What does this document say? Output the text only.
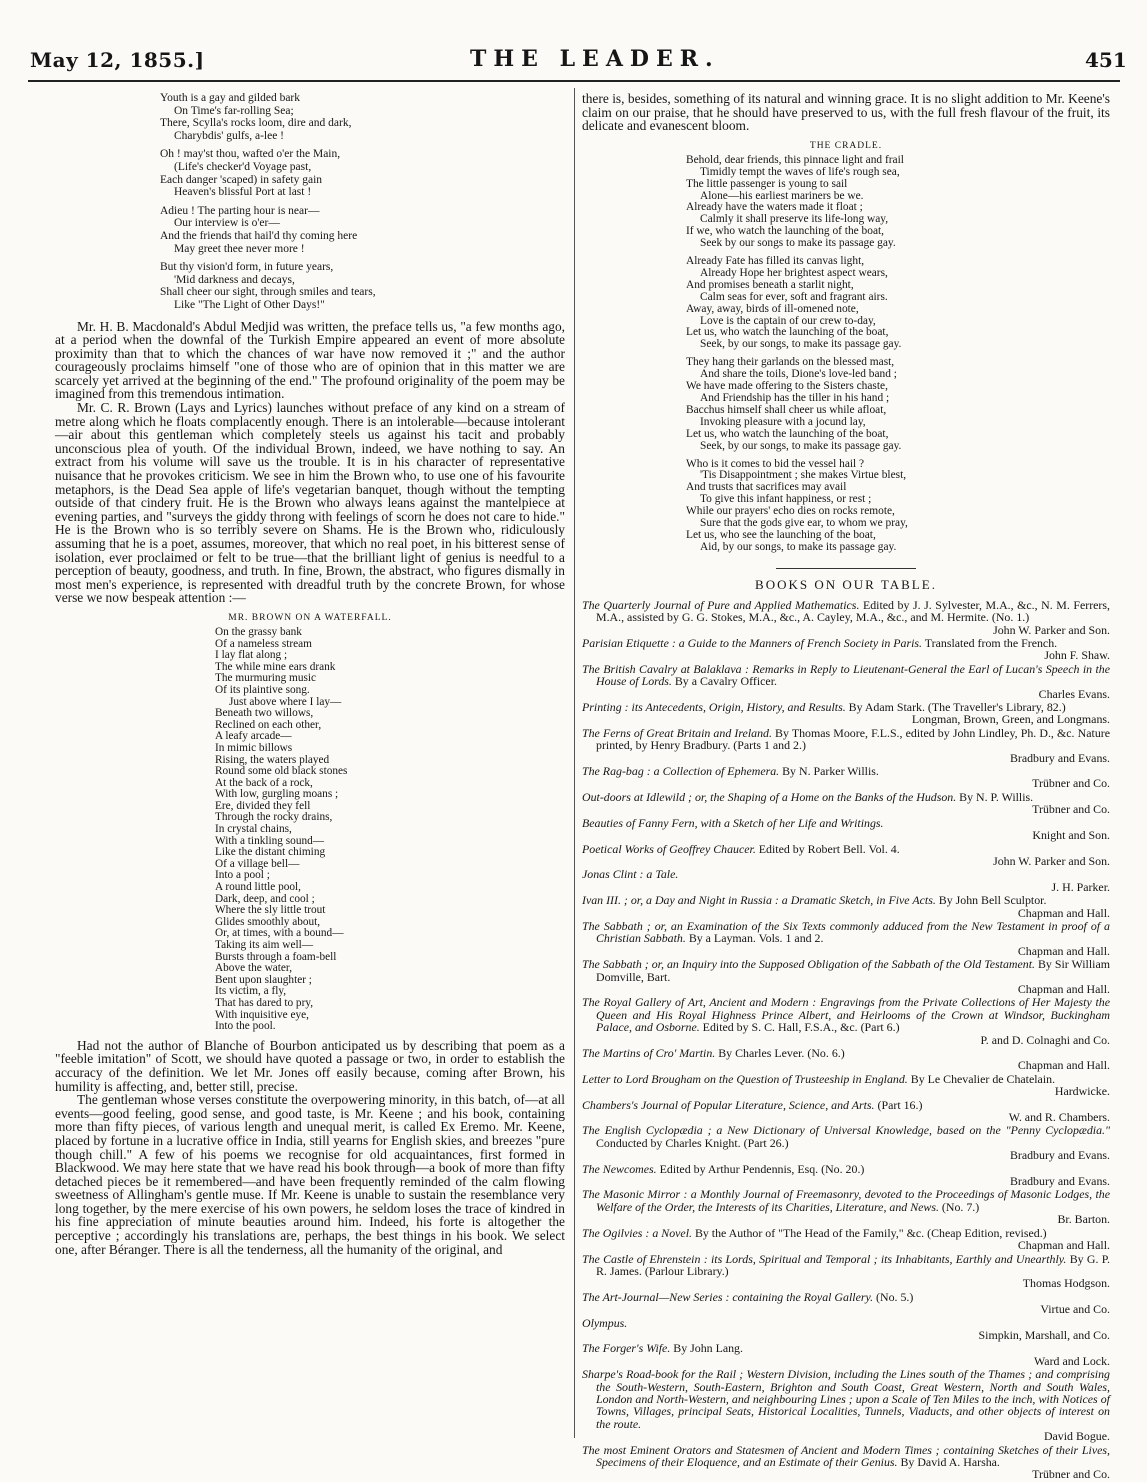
May 12, 1855.]	THE LEADER.	451
Youth is a gay and gilded bark
On Time's far-rolling Sea;
There, Scylla's rocks loom, dire and dark,
Charybdis' gulfs, a-lee !
Oh ! may'st thou, wafted o'er the Main,
(Life's checker'd Voyage past,
Each danger 'scaped) in safety gain
Heaven's blissful Port at last !
Adieu ! The parting hour is near—
Our interview is o'er—
And the friends that hail'd thy coming here
May greet thee never more !
But thy vision'd form, in future years,
'Mid darkness and decays,
Shall cheer our sight, through smiles and tears,
Like "The Light of Other Days!"

Mr. H. B. Macdonald's Abdul Medjid was written, the preface tells us, "a few months ago, at a period when the downfal of the Turkish Empire appeared an event of more absolute proximity than that to which the chances of war have now removed it ;" and the author courageously proclaims himself "one of those who are of opinion that in this matter we are scarcely yet arrived at the beginning of the end." The profound originality of the poem may be imagined from this tremendous intimation.

Mr. C. R. Brown (Lays and Lyrics) launches without preface of any kind on a stream of metre along which he floats complacently enough. There is an intolerable—because intolerant—air about this gentleman which completely steels us against his tacit and probably unconscious plea of youth. Of the individual Brown, indeed, we have nothing to say. An extract from his volume will save us the trouble. It is in his character of representative nuisance that he provokes criticism. We see in him the Brown who, to use one of his favourite metaphors, is the Dead Sea apple of life's vegetarian banquet, though without the tempting outside of that cindery fruit. He is the Brown who always leans against the mantelpiece at evening parties, and "surveys the giddy throng with feelings of scorn he does not care to hide." He is the Brown who is so terribly severe on Shams. He is the Brown who, ridiculously assuming that he is a poet, assumes, moreover, that which no real poet, in his bitterest sense of isolation, ever proclaimed or felt to be true—that the brilliant light of genius is needful to a perception of beauty, goodness, and truth. In fine, Brown, the abstract, who figures dismally in most men's experience, is represented with dreadful truth by the concrete Brown, for whose verse we now bespeak attention :—

MR. BROWN ON A WATERFALL.
On the grassy bank
Of a nameless stream
I lay flat along ;
The while mine ears drank
The murmuring music
Of its plaintive song.
Just above where I lay—
Beneath two willows,
Reclined on each other,
A leafy arcade—
In mimic billows
Rising, the waters played
Round some old black stones
At the back of a rock,
With low, gurgling moans ;
Ere, divided they fell
Through the rocky drains,
In crystal chains,
With a tinkling sound—
Like the distant chiming
Of a village bell—
Into a pool ;
A round little pool,
Dark, deep, and cool ;
Where the sly little trout
Glides smoothly about,
Or, at times, with a bound—
Taking its aim well—
Bursts through a foam-bell
Above the water,
Bent upon slaughter ;
Its victim, a fly,
That has dared to pry,
With inquisitive eye,
Into the pool.

Had not the author of Blanche of Bourbon anticipated us by describing that poem as a "feeble imitation" of Scott, we should have quoted a passage or two, in order to establish the accuracy of the definition. We let Mr. Jones off easily because, coming after Brown, his humility is affecting, and, better still, precise.

The gentleman whose verses constitute the overpowering minority, in this batch, of—at all events—good feeling, good sense, and good taste, is Mr. Keene ; and his book, containing more than fifty pieces, of various length and unequal merit, is called Ex Eremo. Mr. Keene, placed by fortune in a lucrative office in India, still yearns for English skies, and breezes "pure though chill." A few of his poems we recognise for old acquaintances, first formed in Blackwood. We may here state that we have read his book through—a book of more than fifty detached pieces be it remembered—and have been frequently reminded of the calm flowing sweetness of Allingham's gentle muse. If Mr. Keene is unable to sustain the resemblance very long together, by the mere exercise of his own powers, he seldom loses the trace of kindred in his fine appreciation of minute beauties around him. Indeed, his forte is altogether the perceptive ; accordingly his translations are, perhaps, the best things in his book. We select one, after Béranger. There is all the tenderness, all the humanity of the original, and

there is, besides, something of its natural and winning grace. It is no slight addition to Mr. Keene's claim on our praise, that he should have preserved to us, with the full fresh flavour of the fruit, its delicate and evanescent bloom.

THE CRADLE.
Behold, dear friends, this pinnace light and frail
Timidly tempt the waves of life's rough sea,
The little passenger is young to sail
Alone—his earliest mariners be we.
Already have the waters made it float ;
Calmly it shall preserve its life-long way,
If we, who watch the launching of the boat,
Seek by our songs to make its passage gay.
Already Fate has filled its canvas light,
Already Hope her brightest aspect wears,
And promises beneath a starlit night,
Calm seas for ever, soft and fragrant airs.
Away, away, birds of ill-omened note,
Love is the captain of our crew to-day,
Let us, who watch the launching of the boat,
Seek, by our songs, to make its passage gay.
They hang their garlands on the blessed mast,
And share the toils, Dione's love-led band ;
We have made offering to the Sisters chaste,
And Friendship has the tiller in his hand ;
Bacchus himself shall cheer us while afloat,
Invoking pleasure with a jocund lay,
Let us, who watch the launching of the boat,
Seek, by our songs, to make its passage gay.
Who is it comes to bid the vessel hail ?
'Tis Disappointment ; she makes Virtue blest,
And trusts that sacrifices may avail
To give this infant happiness, or rest ;
While our prayers' echo dies on rocks remote,
Sure that the gods give ear, to whom we pray,
Let us, who see the launching of the boat,
Aid, by our songs, to make its passage gay.
BOOKS ON OUR TABLE.
The Quarterly Journal of Pure and Applied Mathematics. Edited by J. J. Sylvester, M.A., &c., N. M. Ferrers, M.A., assisted by G. G. Stokes, M.A., &c., A. Cayley, M.A., &c., and M. Hermite. (No. 1.)
John W. Parker and Son.
Parisian Etiquette : a Guide to the Manners of French Society in Paris. Translated from the French.
John F. Shaw.
The British Cavalry at Balaklava : Remarks in Reply to Lieutenant-General the Earl of Lucan's Speech in the House of Lords. By a Cavalry Officer.
Charles Evans.
Printing : its Antecedents, Origin, History, and Results. By Adam Stark. (The Traveller's Library, 82.)
Longman, Brown, Green, and Longmans.
The Ferns of Great Britain and Ireland. By Thomas Moore, F.L.S., edited by John Lindley, Ph. D., &c. Nature printed, by Henry Bradbury. (Parts 1 and 2.)
Bradbury and Evans.
The Rag-bag : a Collection of Ephemera. By N. Parker Willis.
Trübner and Co.
Out-doors at Idlewild ; or, the Shaping of a Home on the Banks of the Hudson. By N. P. Willis.
Trübner and Co.
Beauties of Fanny Fern, with a Sketch of her Life and Writings.
Knight and Son.
Poetical Works of Geoffrey Chaucer. Edited by Robert Bell. Vol. 4.
John W. Parker and Son.
Jonas Clint : a Tale.
J. H. Parker.
Ivan III. ; or, a Day and Night in Russia : a Dramatic Sketch, in Five Acts. By John Bell Sculptor.
Chapman and Hall.
The Sabbath ; or, an Examination of the Six Texts commonly adduced from the New Testament in proof of a Christian Sabbath. By a Layman. Vols. 1 and 2.
Chapman and Hall.
The Sabbath ; or, an Inquiry into the Supposed Obligation of the Sabbath of the Old Testament. By Sir William Domville, Bart.
Chapman and Hall.
The Royal Gallery of Art, Ancient and Modern : Engravings from the Private Collections of Her Majesty the Queen and His Royal Highness Prince Albert, and Heirlooms of the Crown at Windsor, Buckingham Palace, and Osborne. Edited by S. C. Hall, F.S.A., &c. (Part 6.)
P. and D. Colnaghi and Co.
The Martins of Cro' Martin. By Charles Lever. (No. 6.)
Chapman and Hall.
Letter to Lord Brougham on the Question of Trusteeship in England. By Le Chevalier de Chatelain.
Hardwicke.
Chambers's Journal of Popular Literature, Science, and Arts. (Part 16.)
W. and R. Chambers.
The English Cyclopædia ; a New Dictionary of Universal Knowledge, based on the "Penny Cyclopædia." Conducted by Charles Knight. (Part 26.)
Bradbury and Evans.
The Newcomes. Edited by Arthur Pendennis, Esq. (No. 20.)
Bradbury and Evans.
The Masonic Mirror : a Monthly Journal of Freemasonry, devoted to the Proceedings of Masonic Lodges, the Welfare of the Order, the Interests of its Charities, Literature, and News. (No. 7.)
Br. Barton.
The Ogilvies : a Novel. By the Author of "The Head of the Family," &c. (Cheap Edition, revised.)
Chapman and Hall.
The Castle of Ehrenstein : its Lords, Spiritual and Temporal ; its Inhabitants, Earthly and Unearthly. By G. P. R. James. (Parlour Library.)
Thomas Hodgson.
The Art-Journal—New Series : containing the Royal Gallery. (No. 5.)
Virtue and Co.
Olympus.
Simpkin, Marshall, and Co.
The Forger's Wife. By John Lang.
Ward and Lock.
Sharpe's Road-book for the Rail ; Western Division, including the Lines south of the Thames ; and comprising the South-Western, South-Eastern, Brighton and South Coast, Great Western, North and South Wales, London and North-Western, and neighbouring Lines ; upon a Scale of Ten Miles to the inch, with Notices of Towns, Villages, principal Seats, Historical Localities, Tunnels, Viaducts, and other objects of interest on the route.
David Bogue.
The most Eminent Orators and Statesmen of Ancient and Modern Times ; containing Sketches of their Lives, Specimens of their Eloquence, and an Estimate of their Genius. By David A. Harsha.
Trübner and Co.
